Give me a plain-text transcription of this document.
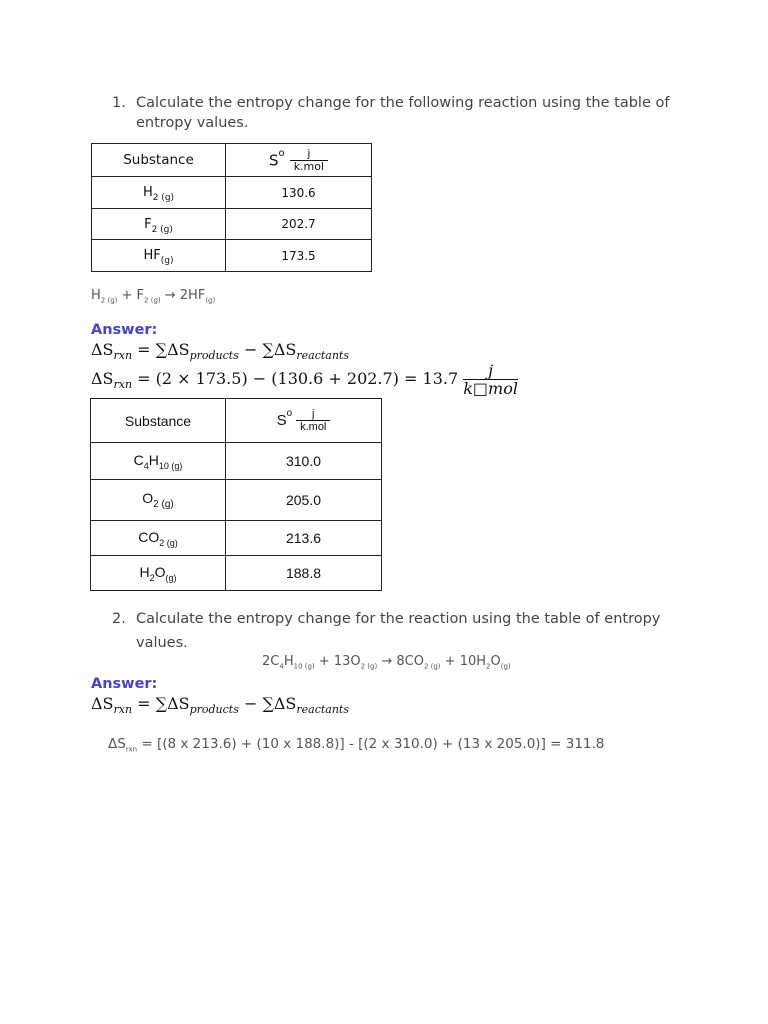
1. Calculate the entropy change for the following reaction using the table of
entropy values.
Substance	$S^o \frac{j}{\text{k.mol}}$

$H_{2 (g)}$	130.6
$F_{2 (g)}$	202.7
$HF_{(g)}$	173.5
$H_{2 (g)} + F_{2 (g)} \to 2HF_{(g)}$
Answer:
$\Delta S_{rxn} = \sum\Delta S_{products} - \sum\Delta S_{reactants}$
$\Delta S_{rxn} = (2 \times 173.5) - (130.6 + 202.7) = 13.7$	j
k□mol
Substance	$S^o \frac{j}{\text{k.mol}}$

$C_4H_{10 (g)}$	310.0
$O_{2 (g)}$	205.0
$CO_{2 (g)}$	213.6
$H_2O_{(g)}$	188.8
2. Calculate the entropy change for the reaction using the table of entropy
values.
$2C_4H_{10 (g)} + 13O_{2 (g)} \to 8CO_{2 (g)} + 10H_2O_{(g)}$
Answer:
$\Delta S_{rxn} = \sum\Delta S_{products} - \sum\Delta S_{reactants}$
$\Delta S_{rxn} = [(8$ x 213.6) + (10 x 188.8)] - [(2 x 310.0) + (13 x 205.0)] = 311.8
